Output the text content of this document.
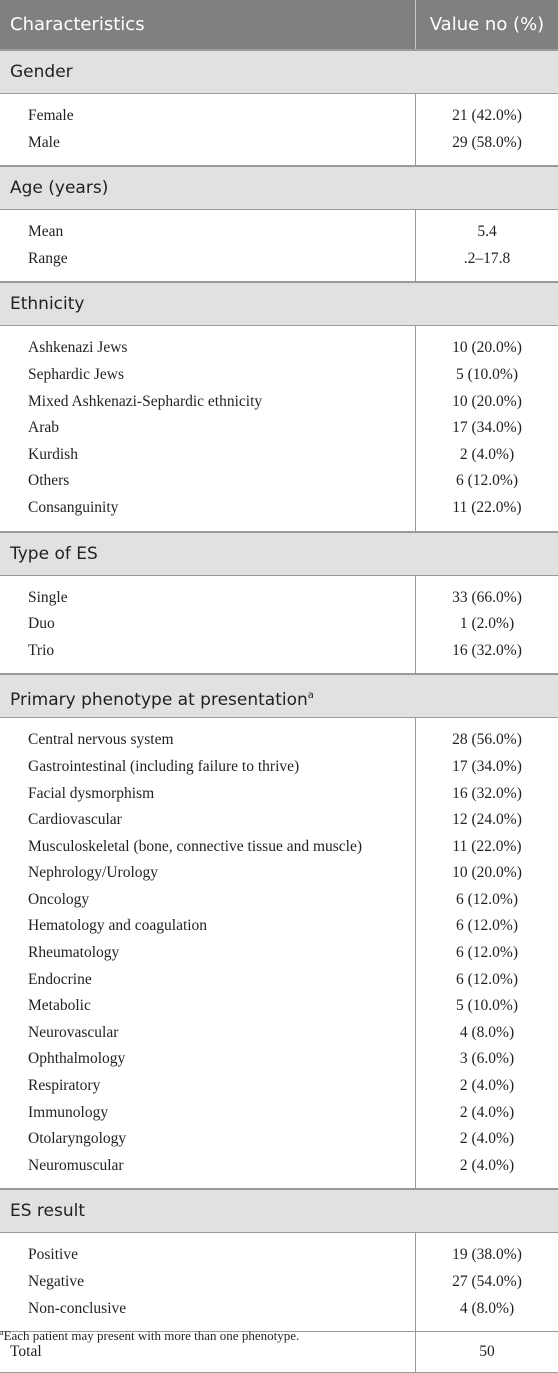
Characteristics	Value no (%)
Gender
Female	21 (42.0%)
Male	29 (58.0%)
Age (years)
Mean	5.4
Range	.2–17.8
Ethnicity
Ashkenazi Jews	10 (20.0%)
Sephardic Jews	5 (10.0%)
Mixed Ashkenazi-Sephardic ethnicity	10 (20.0%)
Arab	17 (34.0%)
Kurdish	2 (4.0%)
Others	6 (12.0%)
Consanguinity	11 (22.0%)
Type of ES
Single	33 (66.0%)
Duo	1 (2.0%)
Trio	16 (32.0%)
Primary phenotype at presentation$^a$
Central nervous system	28 (56.0%)
Gastrointestinal (including failure to thrive)	17 (34.0%)
Facial dysmorphism	16 (32.0%)
Cardiovascular	12 (24.0%)
Musculoskeletal (bone, connective tissue and muscle)	11 (22.0%)
Nephrology/Urology	10 (20.0%)
Oncology	6 (12.0%)
Hematology and coagulation	6 (12.0%)
Rheumatology	6 (12.0%)
Endocrine	6 (12.0%)
Metabolic	5 (10.0%)
Neurovascular	4 (8.0%)
Ophthalmology	3 (6.0%)
Respiratory	2 (4.0%)
Immunology	2 (4.0%)
Otolaryngology	2 (4.0%)
Neuromuscular	2 (4.0%)
ES result
Positive	19 (38.0%)
Negative	27 (54.0%)
Non-conclusive	4 (8.0%)
Total	50
$^a$Each patient may present with more than one phenotype.
